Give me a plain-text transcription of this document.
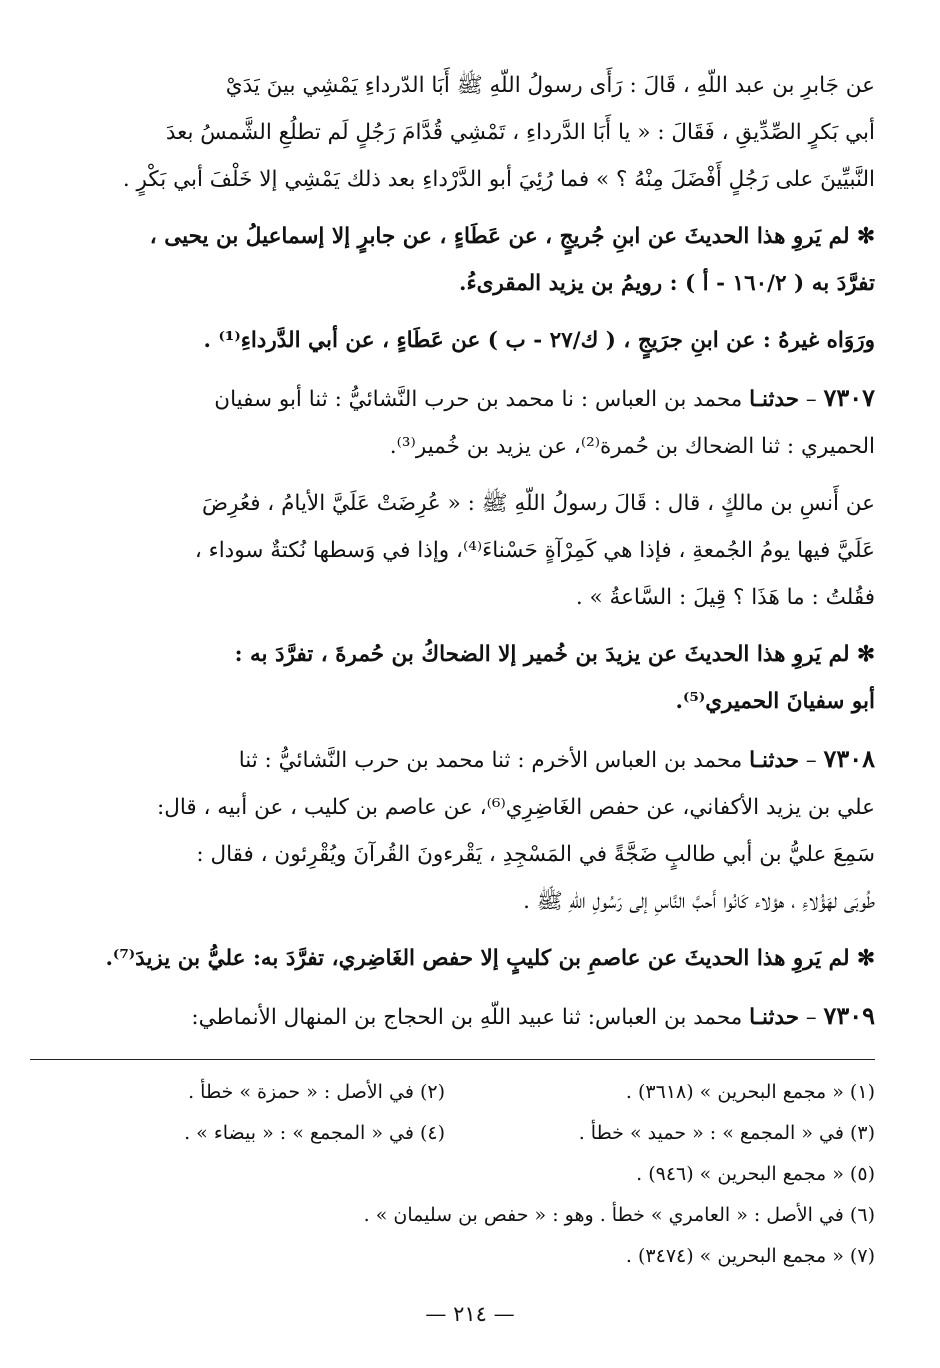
عن جَابرِ بن عبد اللّهِ ، قَالَ : رَأَى رسولُ اللّهِ ﷺ أَبَا الدّرداءِ يَمْشِي بينَ يَدَيْ
أبي بَكرٍ الصِّدِّيقِ ، فَقَالَ : « يا أَبَا الدَّرداءِ ، تَمْشِي قُدَّامَ رَجُلٍ لَم تطلُعِ الشَّمسُ بعدَ
النَّبيِّينَ على رَجُلٍ أَفْضَلَ مِنْهُ ؟ » فما رُئِيَ أبو الدَّرْداءِ بعد ذلك يَمْشِي إلا خَلْفَ أبي بَكْرٍ .

✻ لم يَروِ هذا الحديثَ عن ابنِ جُريجٍ ، عن عَطَاءٍ ، عن جابرٍ إلا إسماعيلُ بن يحيى ،
تفرَّدَ به ( ١٦٠/٢ - أ ) : رويمُ بن يزيد المقرىءُ.

ورَوَاه غيرهُ : عن ابنِ جرَيجٍ ، ( ك/٢٧ - ب ) عن عَطَاءٍ ، عن أبي الدَّرداءِ⁽¹⁾ .

٧٣٠٧ – حدثنـا محمد بن العباس : نا محمد بن حرب النَّشائيُّ : ثنا أبو سفيان
الحميري : ثنا الضحاك بن حُمرة⁽²⁾، عن يزيد بن خُمير⁽³⁾.

عن أَنسِ بن مالكٍ ، قال : قَالَ رسولُ اللّهِ ﷺ : « عُرِضَتْ عَلَيَّ الأيامُ ، فعُرِضَ
عَلَيَّ فيها يومُ الجُمعةِ ، فإذا هي كَمِرْآةٍ حَسْناءَ⁽⁴⁾، وإذا في وَسطها نُكتةٌ سوداء ،
فقُلتُ : ما هَذَا ؟ قِيلَ : السَّاعةُ » .

✻ لم يَروِ هذا الحديثَ عن يزيدَ بن خُمير إلا الضحاكُ بن حُمرةَ ، تفرَّدَ به :
أبو سفيانَ الحميري⁽⁵⁾.

٧٣٠٨ – حدثنـا محمد بن العباس الأخرم : ثنا محمد بن حرب النَّشائيُّ : ثنا
علي بن يزيد الأكفاني، عن حفص الغَاضِرِي⁽⁶⁾، عن عاصم بن كليب ، عن أبيه ، قال:
سَمِعَ عليُّ بن أبي طالبٍ ضَجَّةً في المَسْجِدِ ، يَقْرءونَ القُرآنَ ويُقْرِئون ، فقال :
طُوبَى لهَؤُلاءِ ، هؤلاء كَانُوا أَحبَّ النَّاسِ إلى رَسُولِ اللّهِ ﷺ .

✻ لم يَروِ هذا الحديثَ عن عاصمِ بن كليبٍ إلا حفص الغَاضِري، تفرَّدَ به: عليُّ بن يزيدَ⁽⁷⁾.

٧٣٠٩ – حدثنـا محمد بن العباس: ثنا عبيد اللّهِ بن الحجاج بن المنهال الأنماطي:

(١) « مجمع البحرين » (٣٦١٨) .
(٢) في الأصل : « حمزة » خطأ .
(٣) في « المجمع » : « حميد » خطأ .
(٤) في « المجمع » : « بيضاء » .
(٥) « مجمع البحرين » (٩٤٦) .
(٦) في الأصل : « العامري » خطأ . وهو : « حفص بن سليمان » .
(٧) « مجمع البحرين » (٣٤٧٤) .
— ٢١٤ —
